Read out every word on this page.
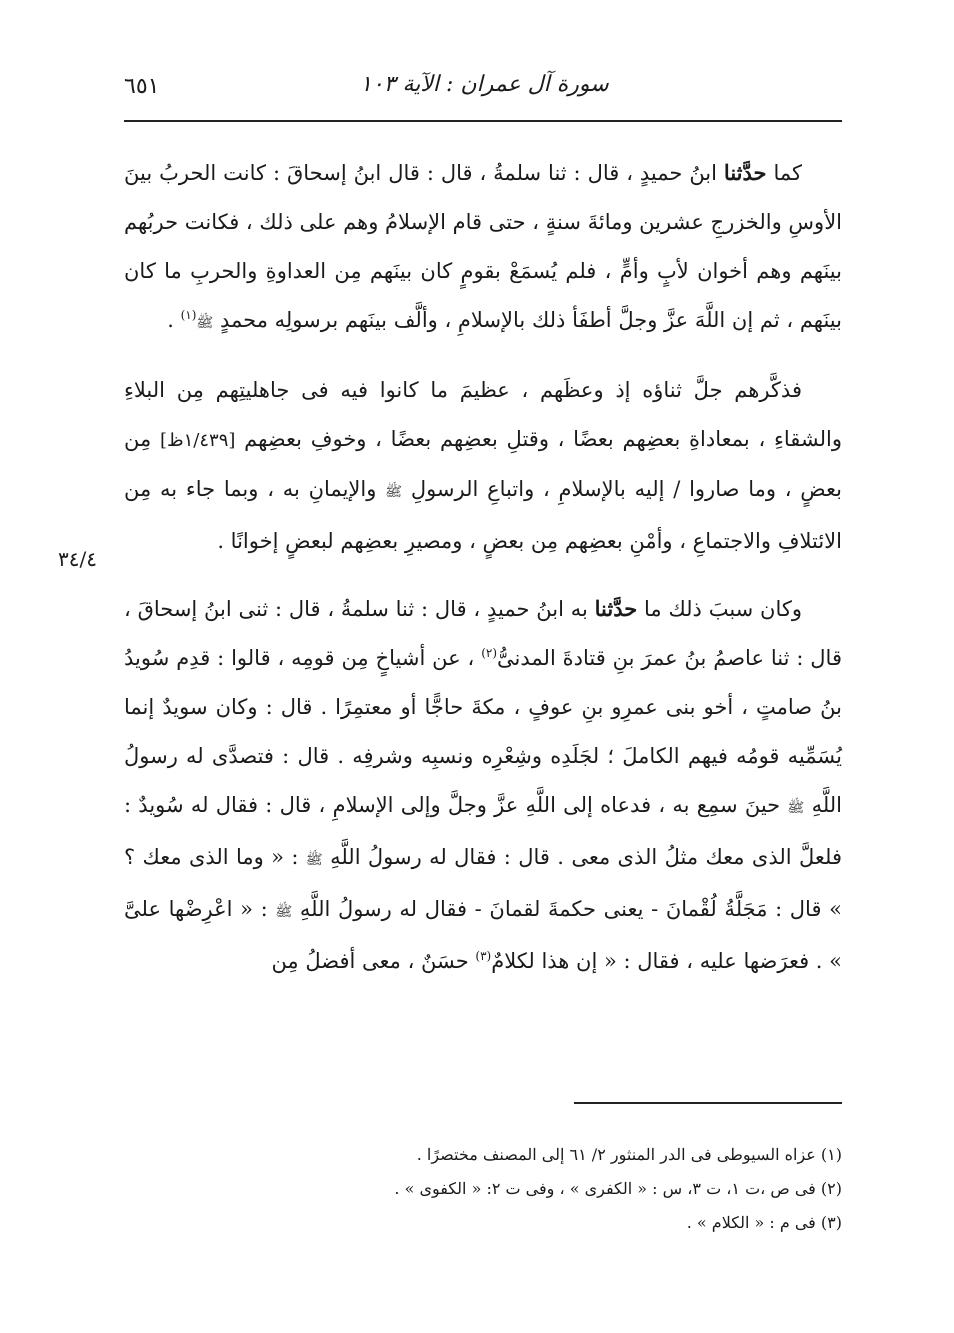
٦٥١	سورة آل عمران : الآية ١٠٣
٣٤/٤

كما حدَّثنا ابنُ حميدٍ ، قال : ثنا سلمةُ ، قال : قال ابنُ إسحاقَ : كانت الحربُ بينَ الأوسِ والخزرجِ عشرين ومائةَ سنةٍ ، حتى قام الإسلامُ وهم على ذلك ، فكانت حربُهم بينَهم وهم أخوان لأبٍ وأمٍّ ، فلم يُسمَعْ بقومٍ كان بينَهم مِن العداوةِ والحربِ ما كان بينَهم ، ثم إن اللَّهَ عزَّ وجلَّ أطفَأ ذلك بالإسلامِ ، وألَّف بينَهم برسولِه محمدٍ ﷺ$^{(١)}$ .

فذكَّرهم جلَّ ثناؤه إذ وعظَهم ، عظيمَ ما كانوا فيه فى جاهليتِهم مِن البلاءِ والشقاءِ ، بمعاداةِ بعضِهم بعضًا ، وقتلِ بعضِهم بعضًا ، وخوفِ بعضِهم [١/٤٣٩ظ] مِن بعضٍ ، وما صاروا / إليه بالإسلامِ ، واتباعِ الرسولِ ﷺ والإيمانِ به ، وبما جاء به مِن الائتلافِ والاجتماعِ ، وأمْنِ بعضِهم مِن بعضٍ ، ومصيرِ بعضِهم لبعضٍ إخوانًا .

وكان سببَ ذلك ما حدَّثنا به ابنُ حميدٍ ، قال : ثنا سلمةُ ، قال : ثنى ابنُ إسحاقَ ، قال : ثنا عاصمُ بنُ عمرَ بنِ قتادةَ المدنىُّ$^{(٢)}$ ، عن أشياخٍ مِن قومِه ، قالوا : قدِم سُويدُ بنُ صامتٍ ، أخو بنى عمرِو بنِ عوفٍ ، مكةَ حاجًّا أو معتمِرًا . قال : وكان سويدٌ إنما يُسَمِّيه قومُه فيهم الكاملَ ؛ لجَلَدِه وشِعْرِه ونسبِه وشرفِه . قال : فتصدَّى له رسولُ اللَّهِ ﷺ حينَ سمِع به ، فدعاه إلى اللَّهِ عزَّ وجلَّ وإلى الإسلامِ ، قال : فقال له سُويدٌ : فلعلَّ الذى معك مثلُ الذى معى . قال : فقال له رسولُ اللَّهِ ﷺ : « وما الذى معك ؟ » قال : مَجَلَّةُ لُقْمانَ - يعنى حكمةَ لقمانَ - فقال له رسولُ اللَّهِ ﷺ : « اعْرِضْها علىَّ » . فعرَضها عليه ، فقال : « إن هذا لكلامٌ$^{(٣)}$ حسَنٌ ، معى أفضلُ مِن

(١) عزاه السيوطى فى الدر المنثور ٢/ ٦١ إلى المصنف مختصرًا .

(٢) فى ص ،ت ١، ت ٣، س : « الكفرى » ، وفى ت ٢: « الكفوى » .

(٣) فى م : « الكلام » .
